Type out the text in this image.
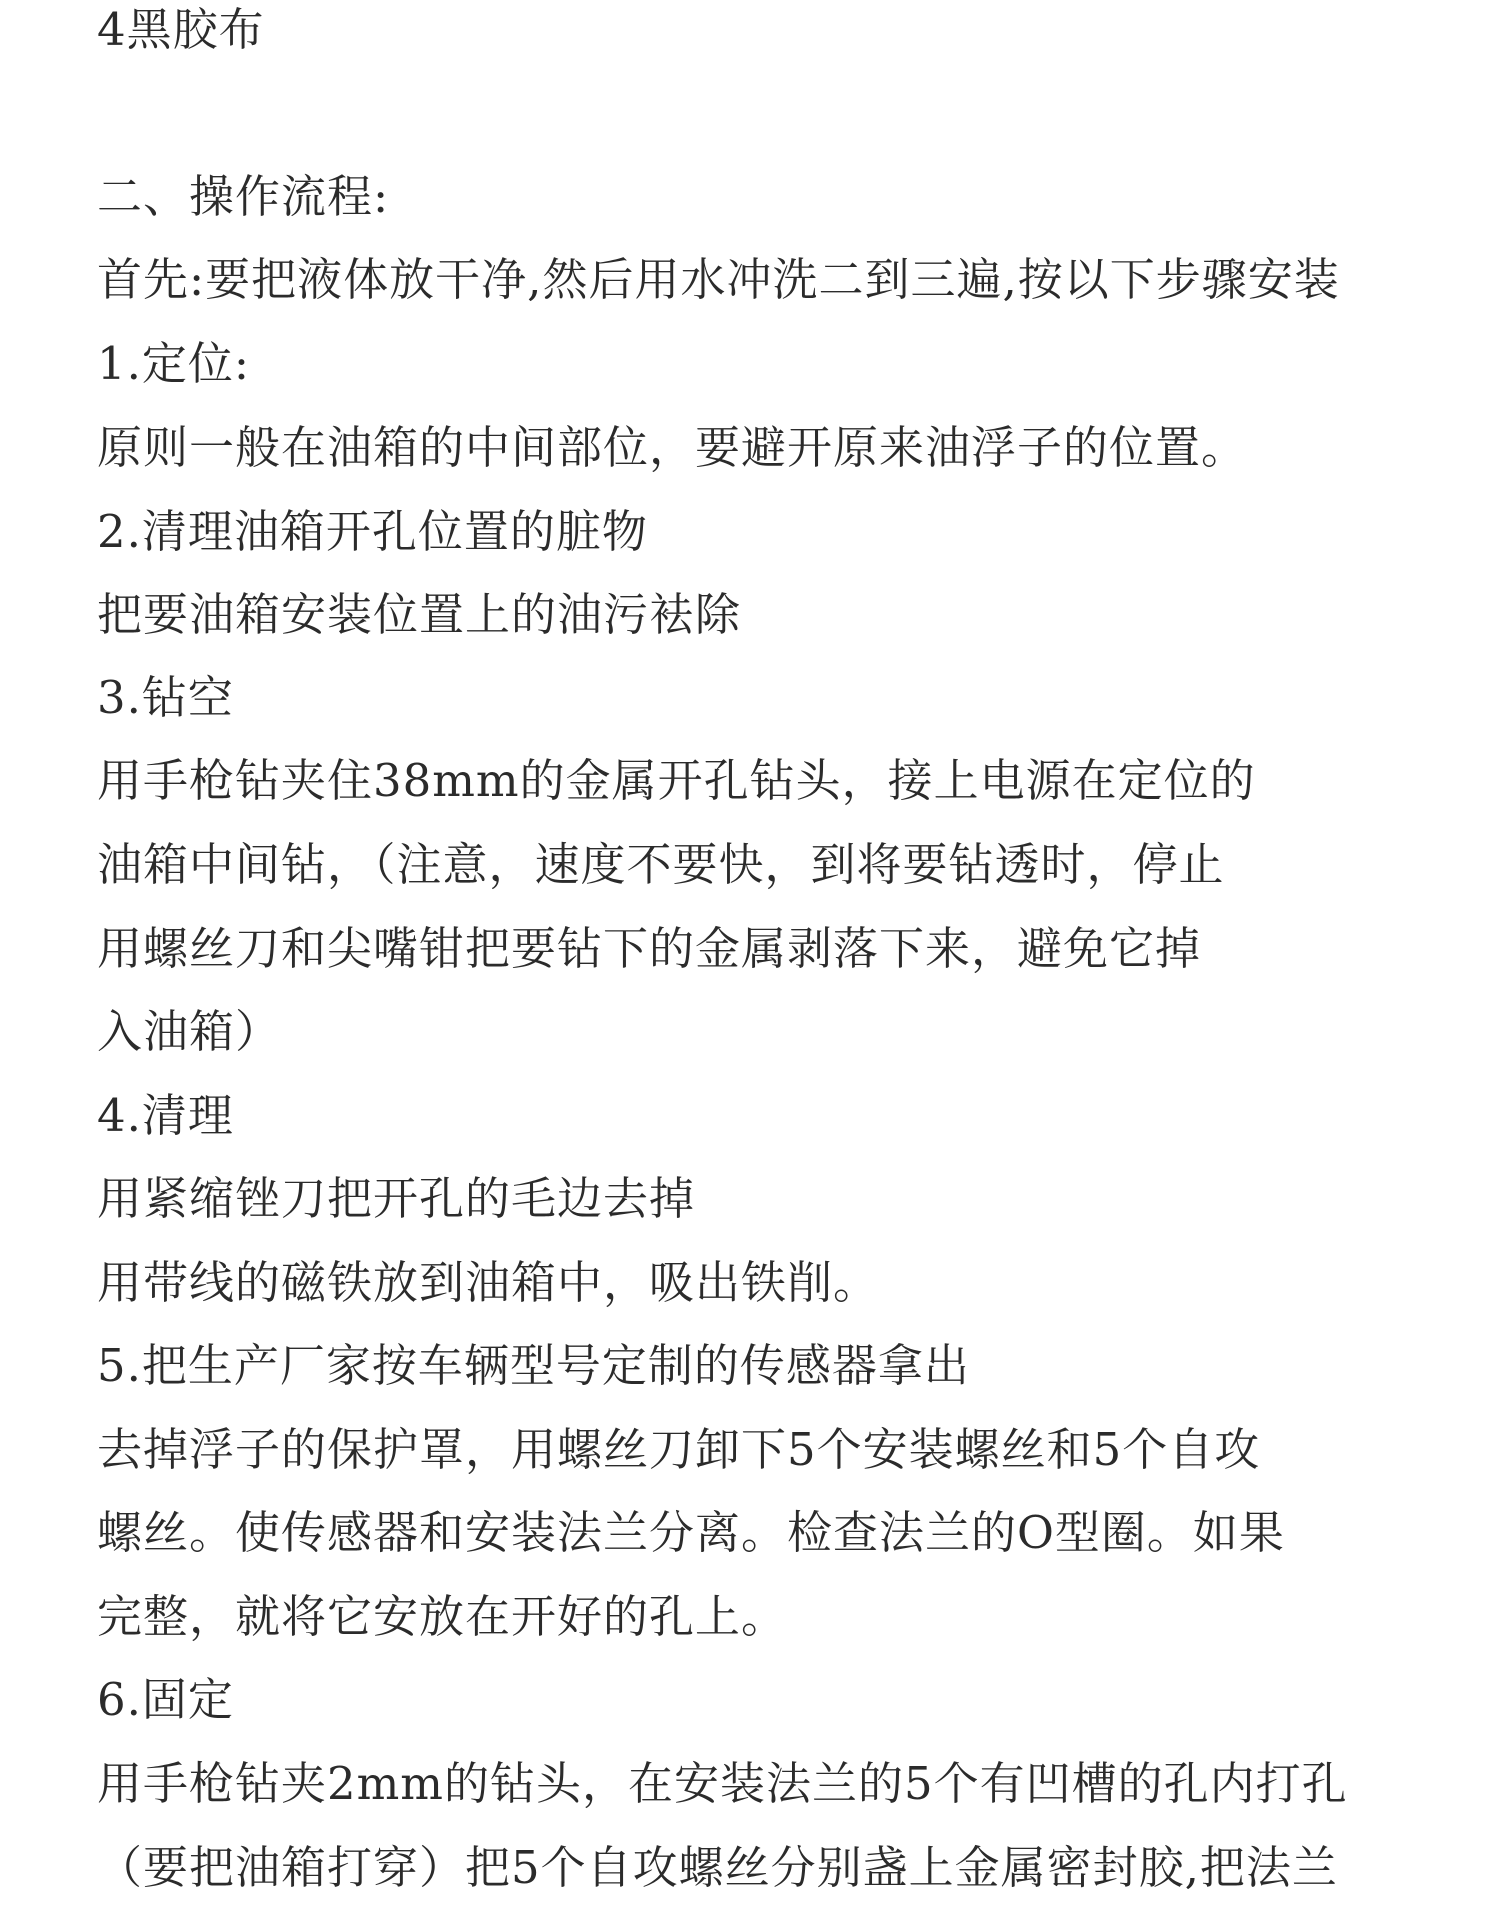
4黑胶布
二、操作流程:
首先:要把液体放干净,然后用水冲洗二到三遍,按以下步骤安装
1.定位:
原则一般在油箱的中间部位，要避开原来油浮子的位置。
2.清理油箱开孔位置的脏物
把要油箱安装位置上的油污袪除
3.钻空
用手枪钻夹住38mm的金属开孔钻头，接上电源在定位的
油箱中间钻，（注意，速度不要快，到将要钻透时，停止
用螺丝刀和尖嘴钳把要钻下的金属剥落下来，避免它掉
入油箱）
4.清理
用紧缩锉刀把开孔的毛边去掉
用带线的磁铁放到油箱中，吸出铁削。
5.把生产厂家按车辆型号定制的传感器拿出
去掉浮子的保护罩，用螺丝刀卸下5个安装螺丝和5个自攻
螺丝。使传感器和安装法兰分离。检查法兰的O型圈。如果
完整，就将它安放在开好的孔上。
6.固定
用手枪钻夹2mm的钻头，在安装法兰的5个有凹槽的孔内打孔
（要把油箱打穿）把5个自攻螺丝分别盏上金属密封胶,把法兰
